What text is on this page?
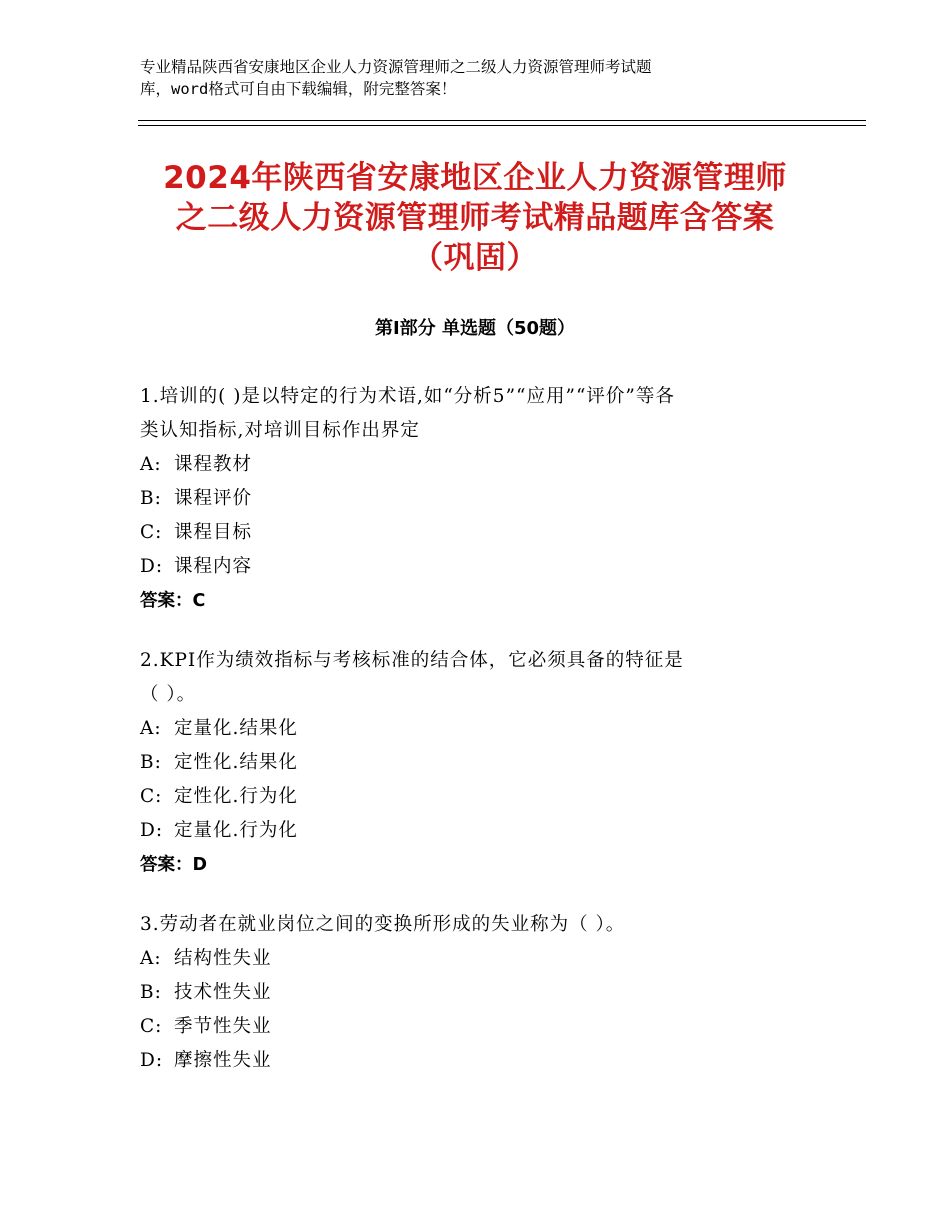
专业精品陕西省安康地区企业人力资源管理师之二级人力资源管理师考试题
库，word格式可自由下载编辑，附完整答案！
2024年陕西省安康地区企业人力资源管理师
之二级人力资源管理师考试精品题库含答案
（巩固）
第Ⅰ部分 单选题（50题）
1.培训的( )是以特定的行为术语,如“分析5”“应用”“评价”等各
类认知指标,对培训目标作出界定
A: 课程教材
B: 课程评价
C: 课程目标
D: 课程内容
答案：C
2.KPI作为绩效指标与考核标准的结合体，它必须具备的特征是
（ ）。
A: 定量化.结果化
B: 定性化.结果化
C: 定性化.行为化
D: 定量化.行为化
答案：D
3.劳动者在就业岗位之间的变换所形成的失业称为（ ）。
A: 结构性失业
B: 技术性失业
C: 季节性失业
D: 摩擦性失业
